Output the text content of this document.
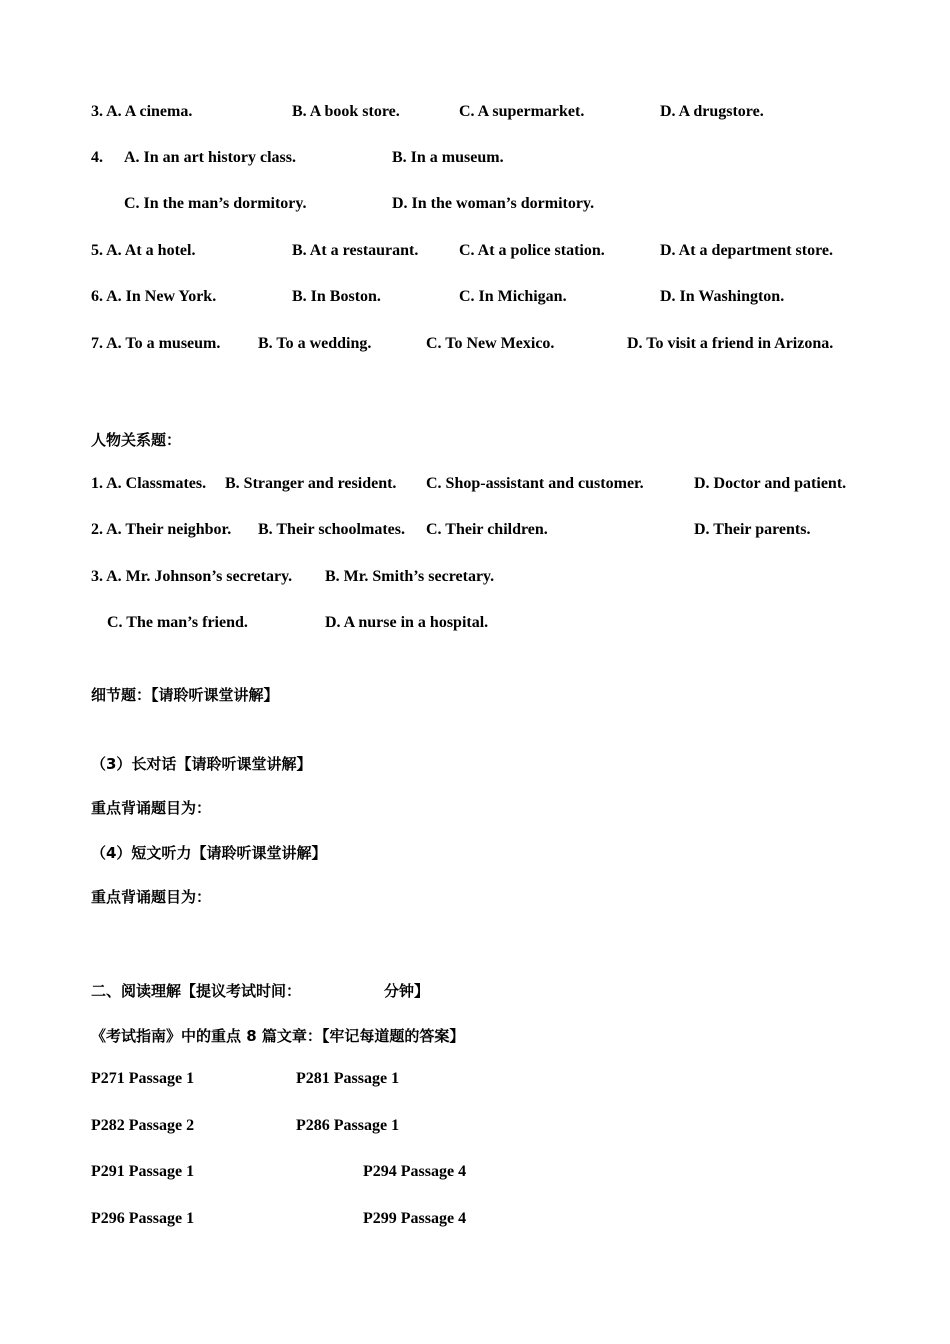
3. A. A cinema.	B. A book store.	C. A supermarket.	D. A drugstore.
4. A. In an art history class.	B. In a museum.
C. In the man’s dormitory.	D. In the woman’s dormitory.
5. A. At a hotel.	B. At a restaurant.	C. At a police station.	D. At a department store.
6. A. In New York.	B. In Boston.	C. In Michigan.	D. In Washington.
7. A. To a museum. B. To a wedding.	C. To New Mexico.	D. To visit a friend in Arizona.
人物关系题：
1. A. Classmates. B. Stranger and resident. C. Shop-assistant and customer.	D. Doctor and patient.
2. A. Their neighbor. B. Their schoolmates. C. Their children.	D. Their parents.
3. A. Mr. Johnson’s secretary. B. Mr. Smith’s secretary.
C. The man’s friend.	D. A nurse in a hospital.
细节题：【请聆听课堂讲解】
（3）长对话【请聆听课堂讲解】
重点背诵题目为：
（4）短文听力【请聆听课堂讲解】
重点背诵题目为：
二、阅读理解【提议考试时间：	分钟】
《考试指南》中的重点 8 篇文章：【牢记每道题的答案】
P271 Passage 1	P281 Passage 1
P282 Passage 2	P286 Passage 1
P291 Passage 1	P294 Passage 4
P296 Passage 1	P299 Passage 4
